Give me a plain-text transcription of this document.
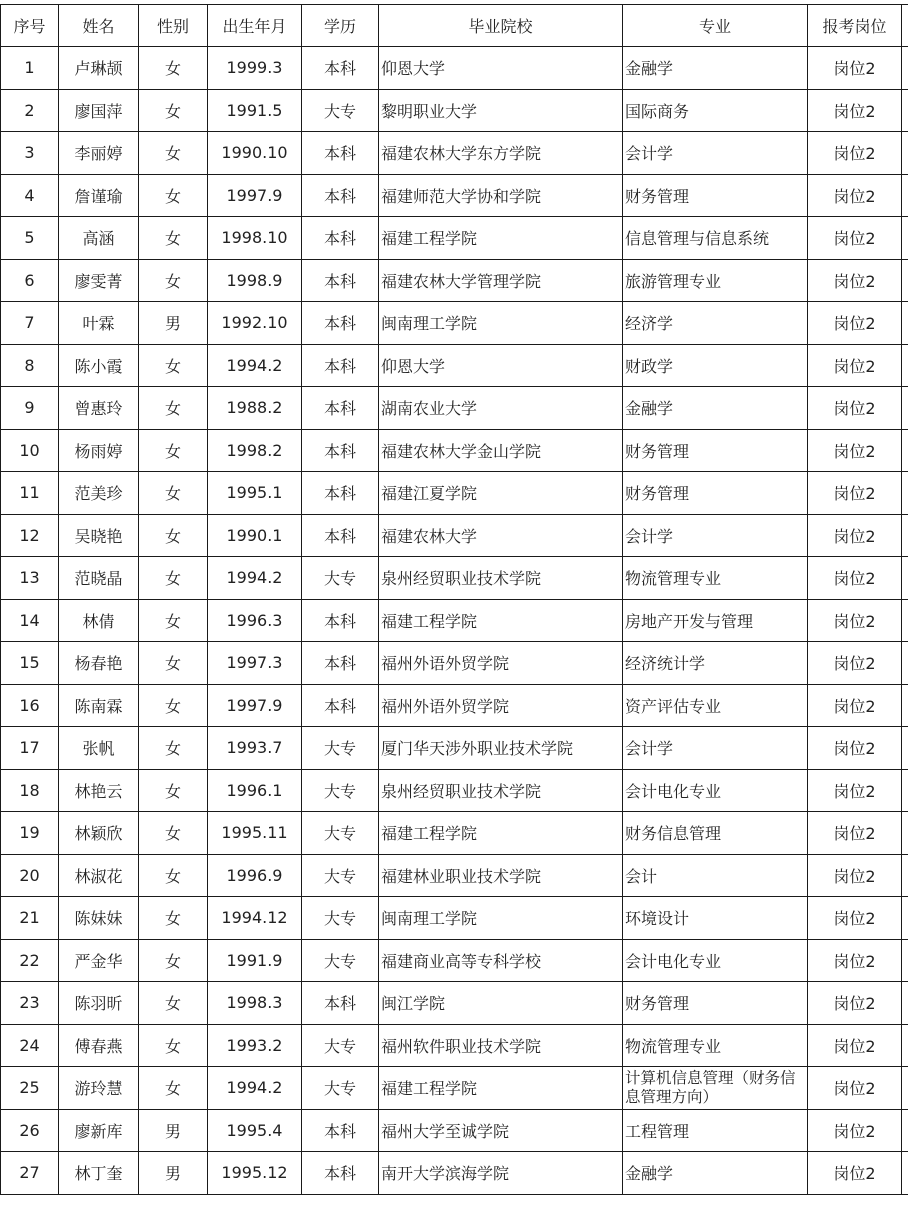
序号	姓名	性别	出生年月	学历	毕业院校	专业	报考岗位	
1	卢琳颉	女	1999.3	本科	仰恩大学	金融学	岗位2	
2	廖国萍	女	1991.5	大专	黎明职业大学	国际商务	岗位2	
3	李丽婷	女	1990.10	本科	福建农林大学东方学院	会计学	岗位2	
4	詹谨瑜	女	1997.9	本科	福建师范大学协和学院	财务管理	岗位2	
5	高涵	女	1998.10	本科	福建工程学院	信息管理与信息系统	岗位2	
6	廖雯菁	女	1998.9	本科	福建农林大学管理学院	旅游管理专业	岗位2	
7	叶霖	男	1992.10	本科	闽南理工学院	经济学	岗位2	
8	陈小霞	女	1994.2	本科	仰恩大学	财政学	岗位2	
9	曾惠玲	女	1988.2	本科	湖南农业大学	金融学	岗位2	
10	杨雨婷	女	1998.2	本科	福建农林大学金山学院	财务管理	岗位2	
11	范美珍	女	1995.1	本科	福建江夏学院	财务管理	岗位2	
12	吴晓艳	女	1990.1	本科	福建农林大学	会计学	岗位2	
13	范晓晶	女	1994.2	大专	泉州经贸职业技术学院	物流管理专业	岗位2	
14	林倩	女	1996.3	本科	福建工程学院	房地产开发与管理	岗位2	
15	杨春艳	女	1997.3	本科	福州外语外贸学院	经济统计学	岗位2	
16	陈南霖	女	1997.9	本科	福州外语外贸学院	资产评估专业	岗位2	
17	张帆	女	1993.7	大专	厦门华天涉外职业技术学院	会计学	岗位2	
18	林艳云	女	1996.1	大专	泉州经贸职业技术学院	会计电化专业	岗位2	
19	林颖欣	女	1995.11	大专	福建工程学院	财务信息管理	岗位2	
20	林淑花	女	1996.9	大专	福建林业职业技术学院	会计	岗位2	
21	陈妹妹	女	1994.12	大专	闽南理工学院	环境设计	岗位2	
22	严金华	女	1991.9	大专	福建商业高等专科学校	会计电化专业	岗位2	
23	陈羽昕	女	1998.3	本科	闽江学院	财务管理	岗位2	
24	傅春燕	女	1993.2	大专	福州软件职业技术学院	物流管理专业	岗位2	
25	游玲慧	女	1994.2	大专	福建工程学院	计算机信息管理（财务信息管理方向）	岗位2	
26	廖新库	男	1995.4	本科	福州大学至诚学院	工程管理	岗位2	
27	林丁奎	男	1995.12	本科	南开大学滨海学院	金融学	岗位2	
